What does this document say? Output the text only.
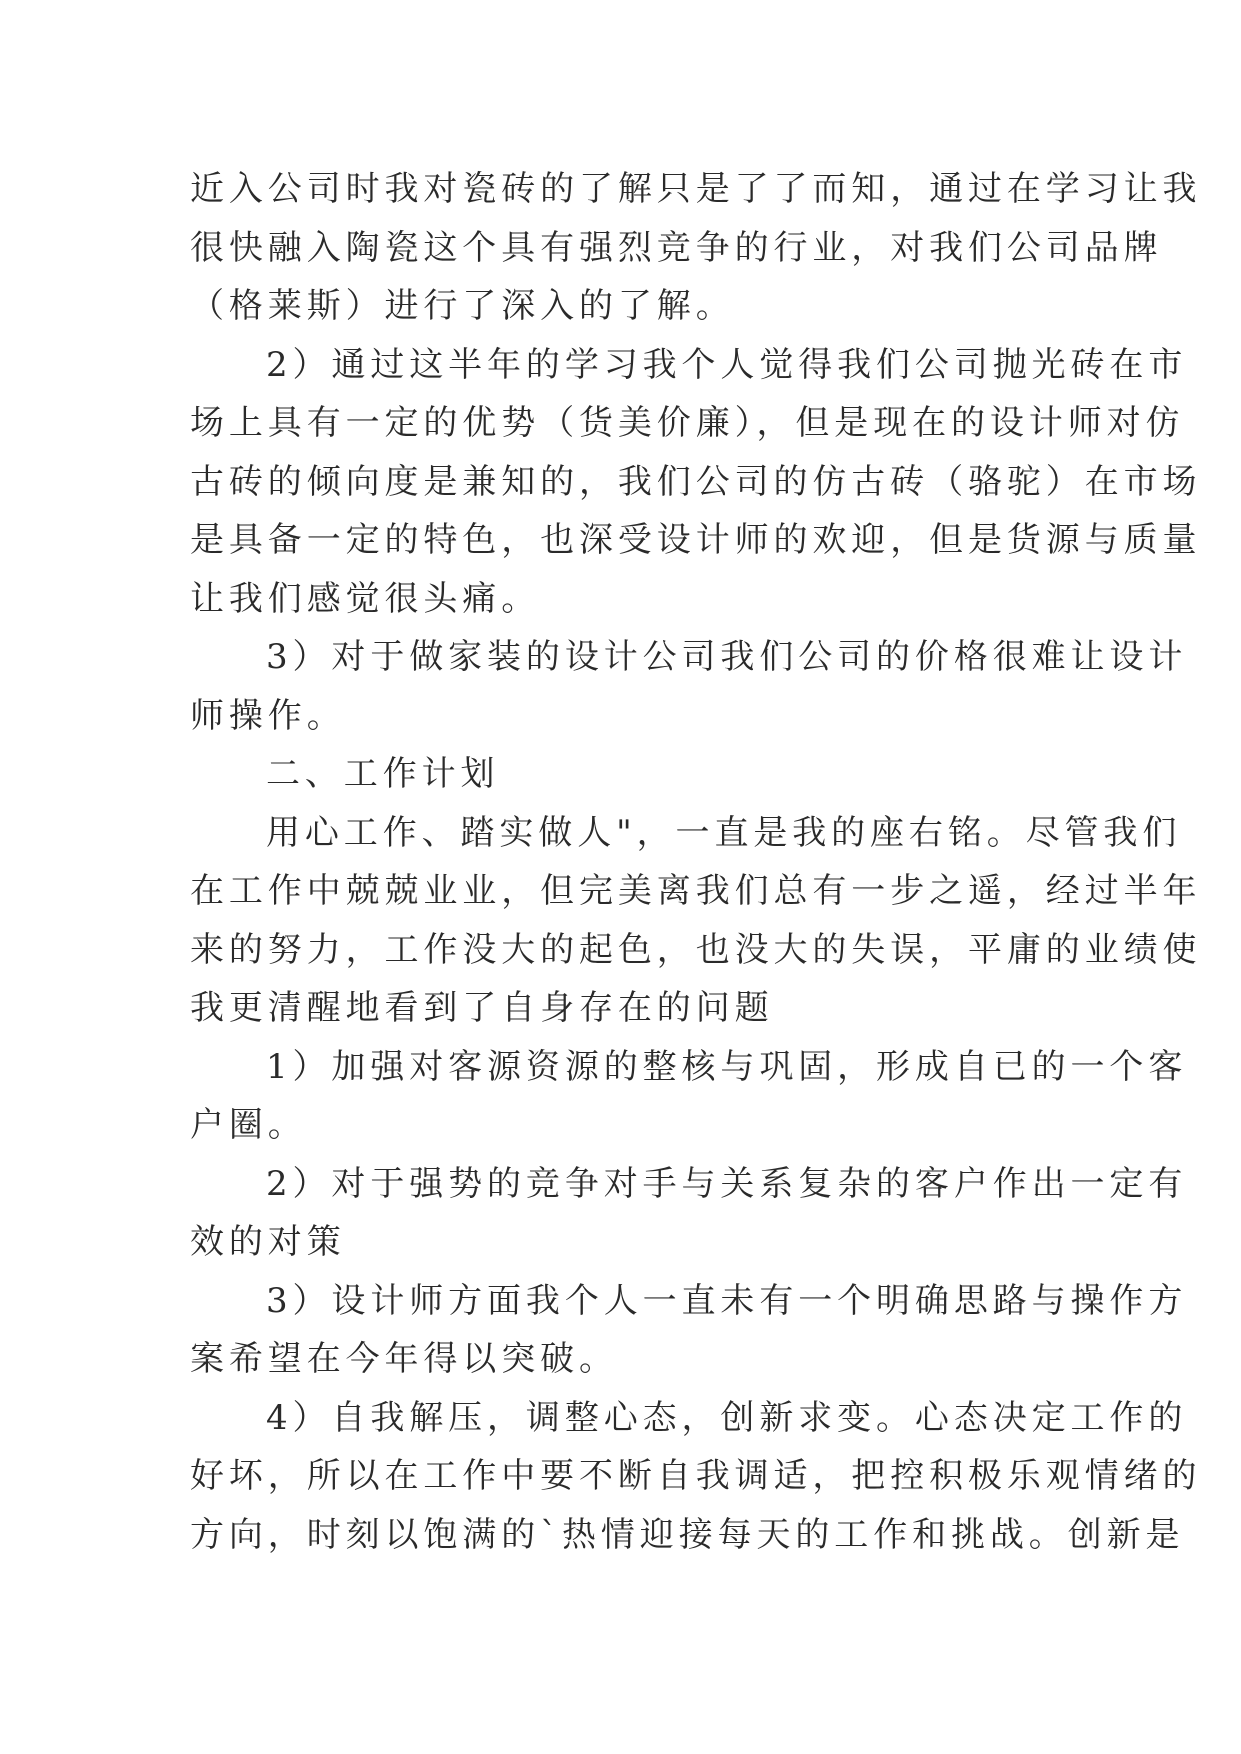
近入公司时我对瓷砖的了解只是了了而知，通过在学习让我
很快融入陶瓷这个具有强烈竞争的行业，对我们公司品牌
（格莱斯）进行了深入的了解。
2）通过这半年的学习我个人觉得我们公司抛光砖在市
场上具有一定的优势（货美价廉），但是现在的设计师对仿
古砖的倾向度是兼知的，我们公司的仿古砖（骆驼）在市场
是具备一定的特色，也深受设计师的欢迎，但是货源与质量
让我们感觉很头痛。
3）对于做家装的设计公司我们公司的价格很难让设计
师操作。
二、工作计划
用心工作、踏实做人"，一直是我的座右铭。尽管我们
在工作中兢兢业业，但完美离我们总有一步之遥，经过半年
来的努力，工作没大的起色，也没大的失误，平庸的业绩使
我更清醒地看到了自身存在的问题
1）加强对客源资源的整核与巩固，形成自已的一个客
户圈。
2）对于强势的竞争对手与关系复杂的客户作出一定有
效的对策
3）设计师方面我个人一直未有一个明确思路与操作方
案希望在今年得以突破。
4）自我解压，调整心态，创新求变。心态决定工作的
好坏，所以在工作中要不断自我调适，把控积极乐观情绪的
方向，时刻以饱满的`热情迎接每天的工作和挑战。创新是
